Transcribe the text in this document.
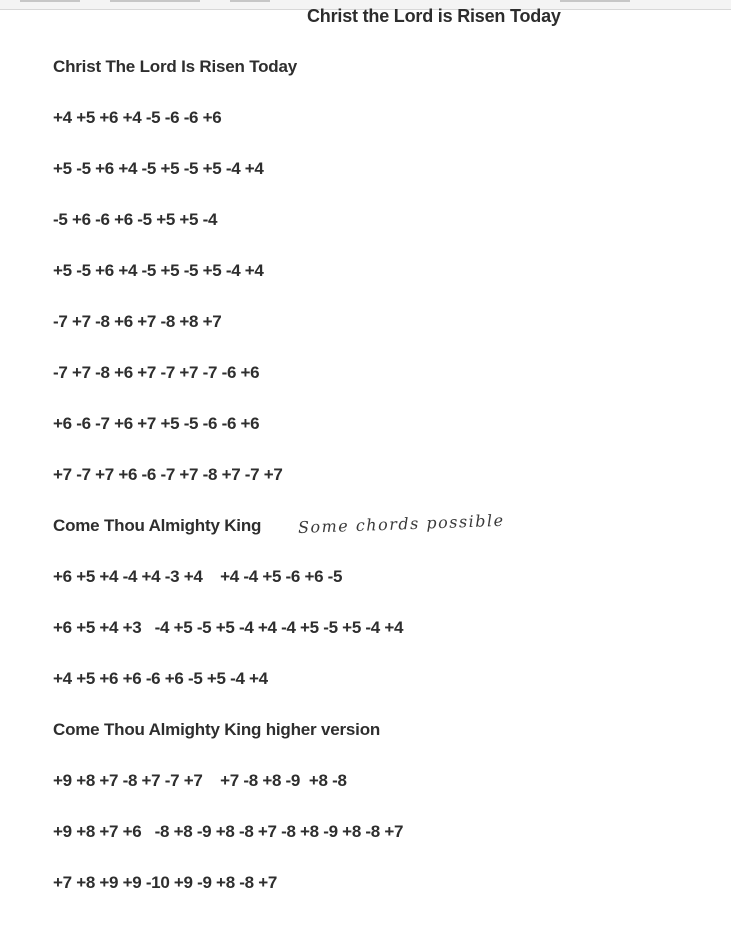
Christ the Lord is Risen Today
Christ The Lord Is Risen Today
+4 +5 +6 +4 -5 -6 -6 +6
+5 -5 +6 +4 -5 +5 -5 +5 -4 +4
-5 +6 -6 +6 -5 +5 +5 -4
+5 -5 +6 +4 -5 +5 -5 +5 -4 +4
-7 +7 -8 +6 +7 -8 +8 +7
-7 +7 -8 +6 +7 -7 +7 -7 -6 +6
+6 -6 -7 +6 +7 +5 -5 -6 -6 +6
+7 -7 +7 +6 -6 -7 +7 -8 +7 -7 +7
Come Thou Almighty King Some chords possible
+6 +5 +4 -4 +4 -3 +4    +4 -4 +5 -6 +6 -5
+6 +5 +4 +3   -4 +5 -5 +5 -4 +4 -4 +5 -5 +5 -4 +4
+4 +5 +6 +6 -6 +6 -5 +5 -4 +4
Come Thou Almighty King higher version
+9 +8 +7 -8 +7 -7 +7    +7 -8 +8 -9  +8 -8
+9 +8 +7 +6   -8 +8 -9 +8 -8 +7 -8 +8 -9 +8 -8 +7
+7 +8 +9 +9 -10 +9 -9 +8 -8 +7
